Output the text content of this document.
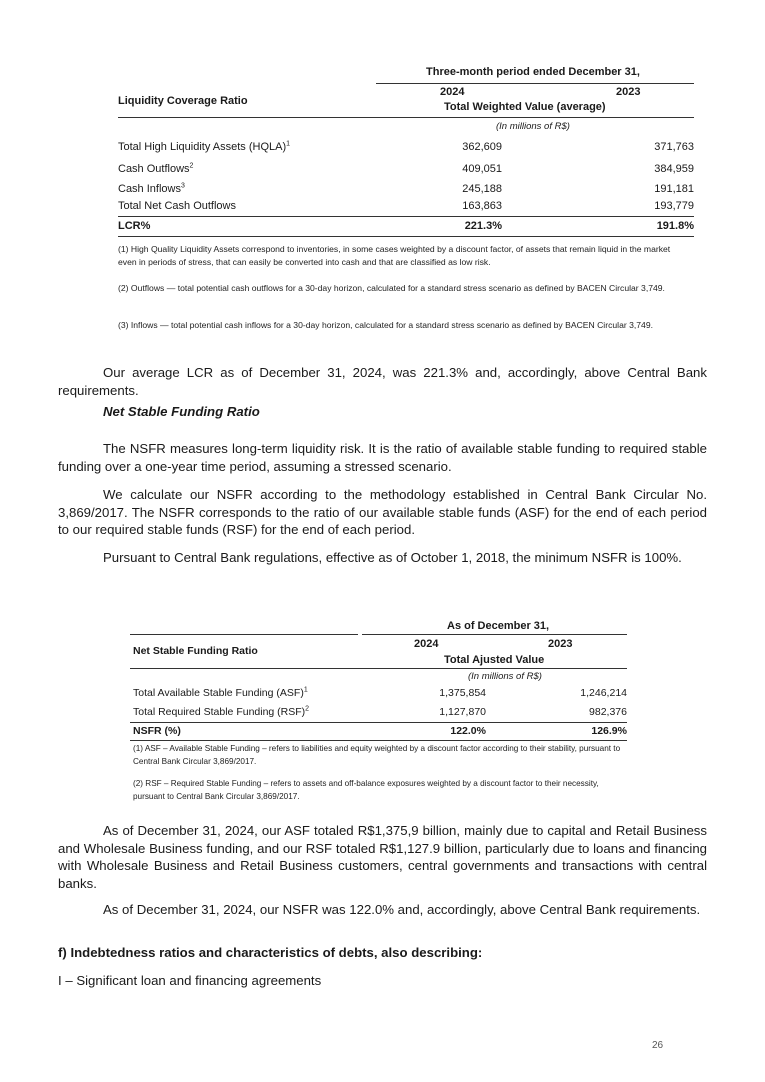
Three-month period ended December 31,
Liquidity Coverage Ratio
2024	2023
Total Weighted Value (average)
(In millions of R$)
Total High Liquidity Assets (HQLA)$^1$	362,609	371,763
Cash Outflows$^2$	409,051	384,959
Cash Inflows$^3$	245,188	191,181
Total Net Cash Outflows	163,863	193,779
LCR%	221.3%	191.8%
(1) High Quality Liquidity Assets correspond to inventories, in some cases weighted by a discount factor, of assets that remain liquid in the market even in periods of stress, that can easily be converted into cash and that are classified as low risk.
(2) Outflows — total potential cash outflows for a 30-day horizon, calculated for a standard stress scenario as defined by BACEN Circular 3,749.
(3) Inflows — total potential cash inflows for a 30-day horizon, calculated for a standard stress scenario as defined by BACEN Circular 3,749.

Our average LCR as of December 31, 2024, was 221.3% and, accordingly, above Central Bank requirements.

Net Stable Funding Ratio

The NSFR measures long-term liquidity risk. It is the ratio of available stable funding to required stable funding over a one-year time period, assuming a stressed scenario.

We calculate our NSFR according to the methodology established in Central Bank Circular No. 3,869/2017. The NSFR corresponds to the ratio of our available stable funds (ASF) for the end of each period to our required stable funds (RSF) for the end of each period.

Pursuant to Central Bank regulations, effective as of October 1, 2018, the minimum NSFR is 100%.

As of December 31,
Net Stable Funding Ratio
2024	2023
Total Ajusted Value
(In millions of R$)
Total Available Stable Funding (ASF)$^1$	1,375,854	1,246,214
Total Required Stable Funding (RSF)$^2$	1,127,870	982,376
NSFR (%)	122.0%	126.9%
(1) ASF – Available Stable Funding – refers to liabilities and equity weighted by a discount factor according to their stability, pursuant to Central Bank Circular 3,869/2017.
(2) RSF – Required Stable Funding – refers to assets and off-balance exposures weighted by a discount factor to their necessity, pursuant to Central Bank Circular 3,869/2017.

As of December 31, 2024, our ASF totaled R$1,375,9 billion, mainly due to capital and Retail Business and Wholesale Business funding, and our RSF totaled R$1,127.9 billion, particularly due to loans and financing with Wholesale Business and Retail Business customers, central governments and transactions with central banks.

As of December 31, 2024, our NSFR was 122.0% and, accordingly, above Central Bank requirements.

f) Indebtedness ratios and characteristics of debts, also describing:

I – Significant loan and financing agreements

26
